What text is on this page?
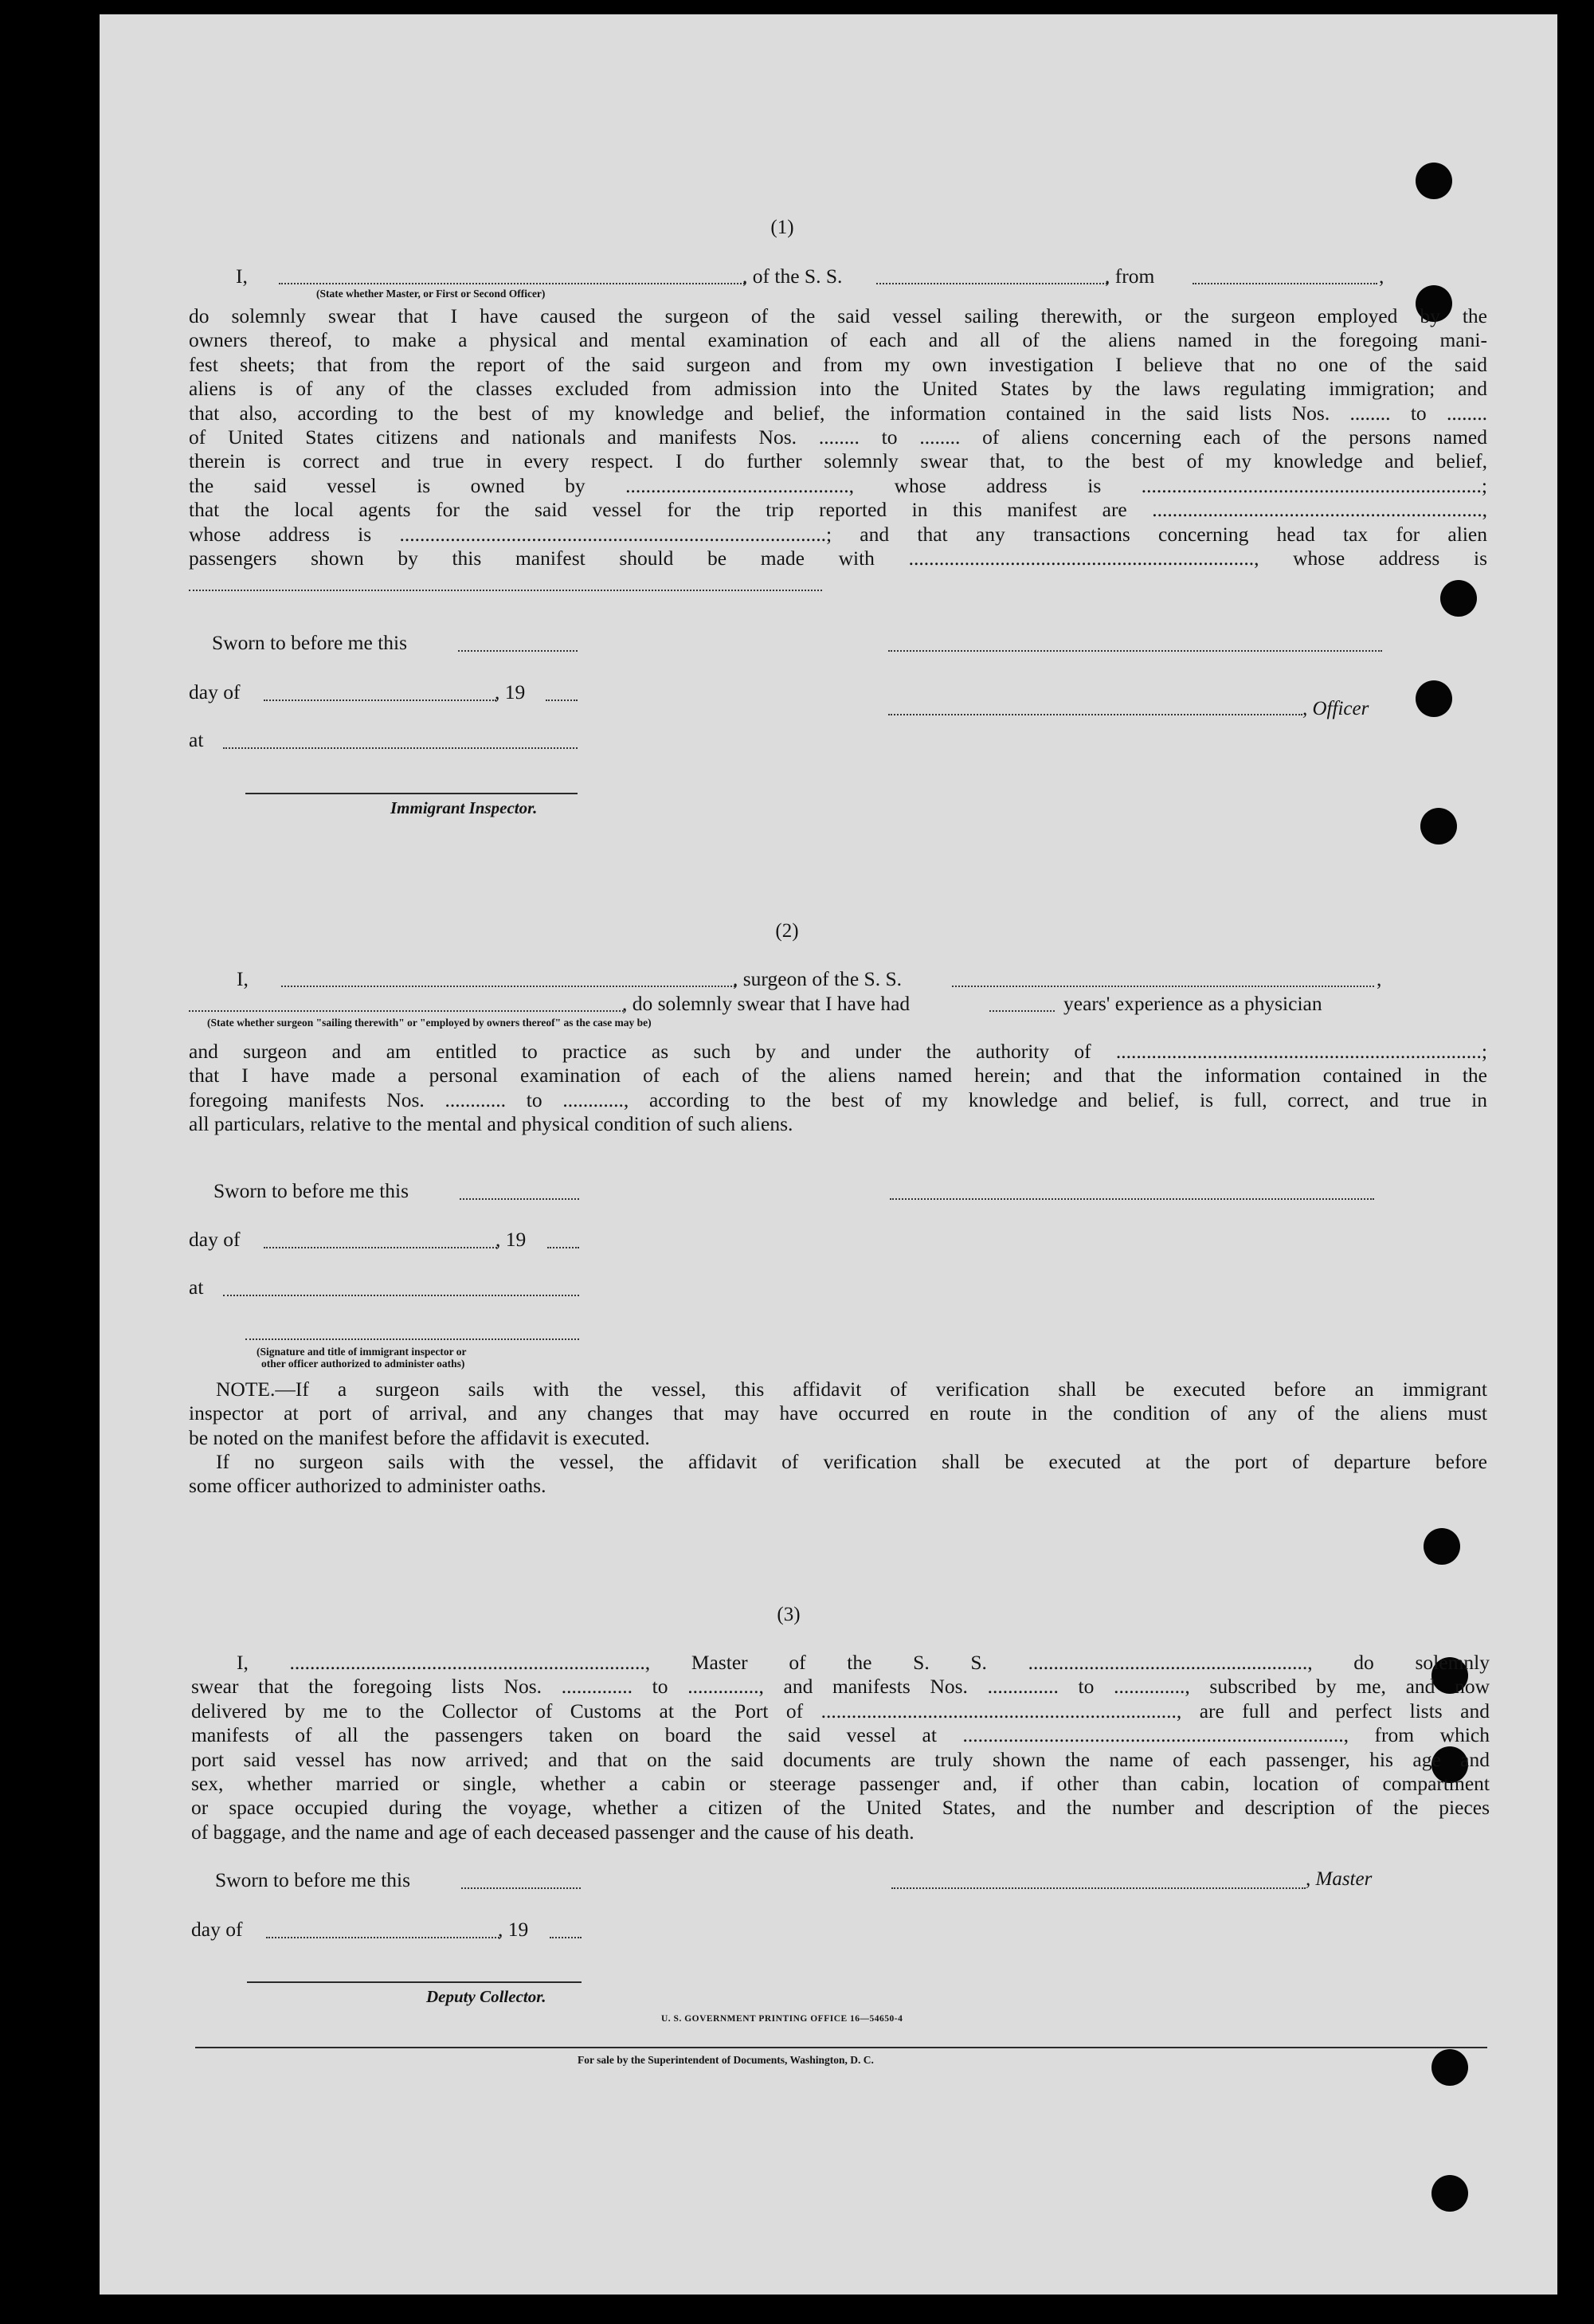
(1)
I,	, of the S. S.	, from	,
(State whether Master, or First or Second Officer)
do solemnly swear that I have caused the surgeon of the said vessel sailing therewith, or the surgeon employed by the
owners thereof, to make a physical and mental examination of each and all of the aliens named in the foregoing mani-
fest sheets; that from the report of the said surgeon and from my own investigation I believe that no one of the said
aliens is of any of the classes excluded from admission into the United States by the laws regulating immigration; and
that also, according to the best of my knowledge and belief, the information contained in the said lists Nos. ........ to ........
of United States citizens and nationals and manifests Nos. ........ to ........ of aliens concerning each of the persons named
therein is correct and true in every respect. I do further solemnly swear that, to the best of my knowledge and belief,
the said vessel is owned by ............................................, whose address is ...................................................................;
that the local agents for the said vessel for the trip reported in this manifest are .................................................................,
whose address is ....................................................................................; and that any transactions concerning head tax for alien
passengers shown by this manifest should be made with ...................................................................., whose address is
Sworn to before me this
day of	, 19
, Officer
at
Immigrant Inspector.
(2)
I,	, surgeon of the S. S.	,
, do solemnly swear that I have had	years' experience as a physician
(State whether surgeon "sailing therewith" or "employed by owners thereof" as the case may be)
and surgeon and am entitled to practice as such by and under the authority of ........................................................................;
that I have made a personal examination of each of the aliens named herein; and that the information contained in the
foregoing manifests Nos. ............ to ............, according to the best of my knowledge and belief, is full, correct, and true in
all particulars, relative to the mental and physical condition of such aliens.
Sworn to before me this
day of	, 19
at
(Signature and title of immigrant inspector or
other officer authorized to administer oaths)
NOTE.—If a surgeon sails with the vessel, this affidavit of verification shall be executed before an immigrant
inspector at port of arrival, and any changes that may have occurred en route in the condition of any of the aliens must
be noted on the manifest before the affidavit is executed.
If no surgeon sails with the vessel, the affidavit of verification shall be executed at the port of departure before
some officer authorized to administer oaths.
(3)
I, ......................................................................, Master of the S. S. ......................................................., do solemnly
swear that the foregoing lists Nos. .............. to .............., and manifests Nos. .............. to .............., subscribed by me, and now
delivered by me to the Collector of Customs at the Port of ......................................................................, are full and perfect lists and
manifests of all the passengers taken on board the said vessel at ..........................................................................., from which
port said vessel has now arrived; and that on the said documents are truly shown the name of each passenger, his age and
sex, whether married or single, whether a cabin or steerage passenger and, if other than cabin, location of compartment
or space occupied during the voyage, whether a citizen of the United States, and the number and description of the pieces
of baggage, and the name and age of each deceased passenger and the cause of his death.
Sworn to before me this	, Master
day of	, 19
Deputy Collector.
U. S. GOVERNMENT PRINTING OFFICE 16—54650-4
For sale by the Superintendent of Documents, Washington, D. C.
